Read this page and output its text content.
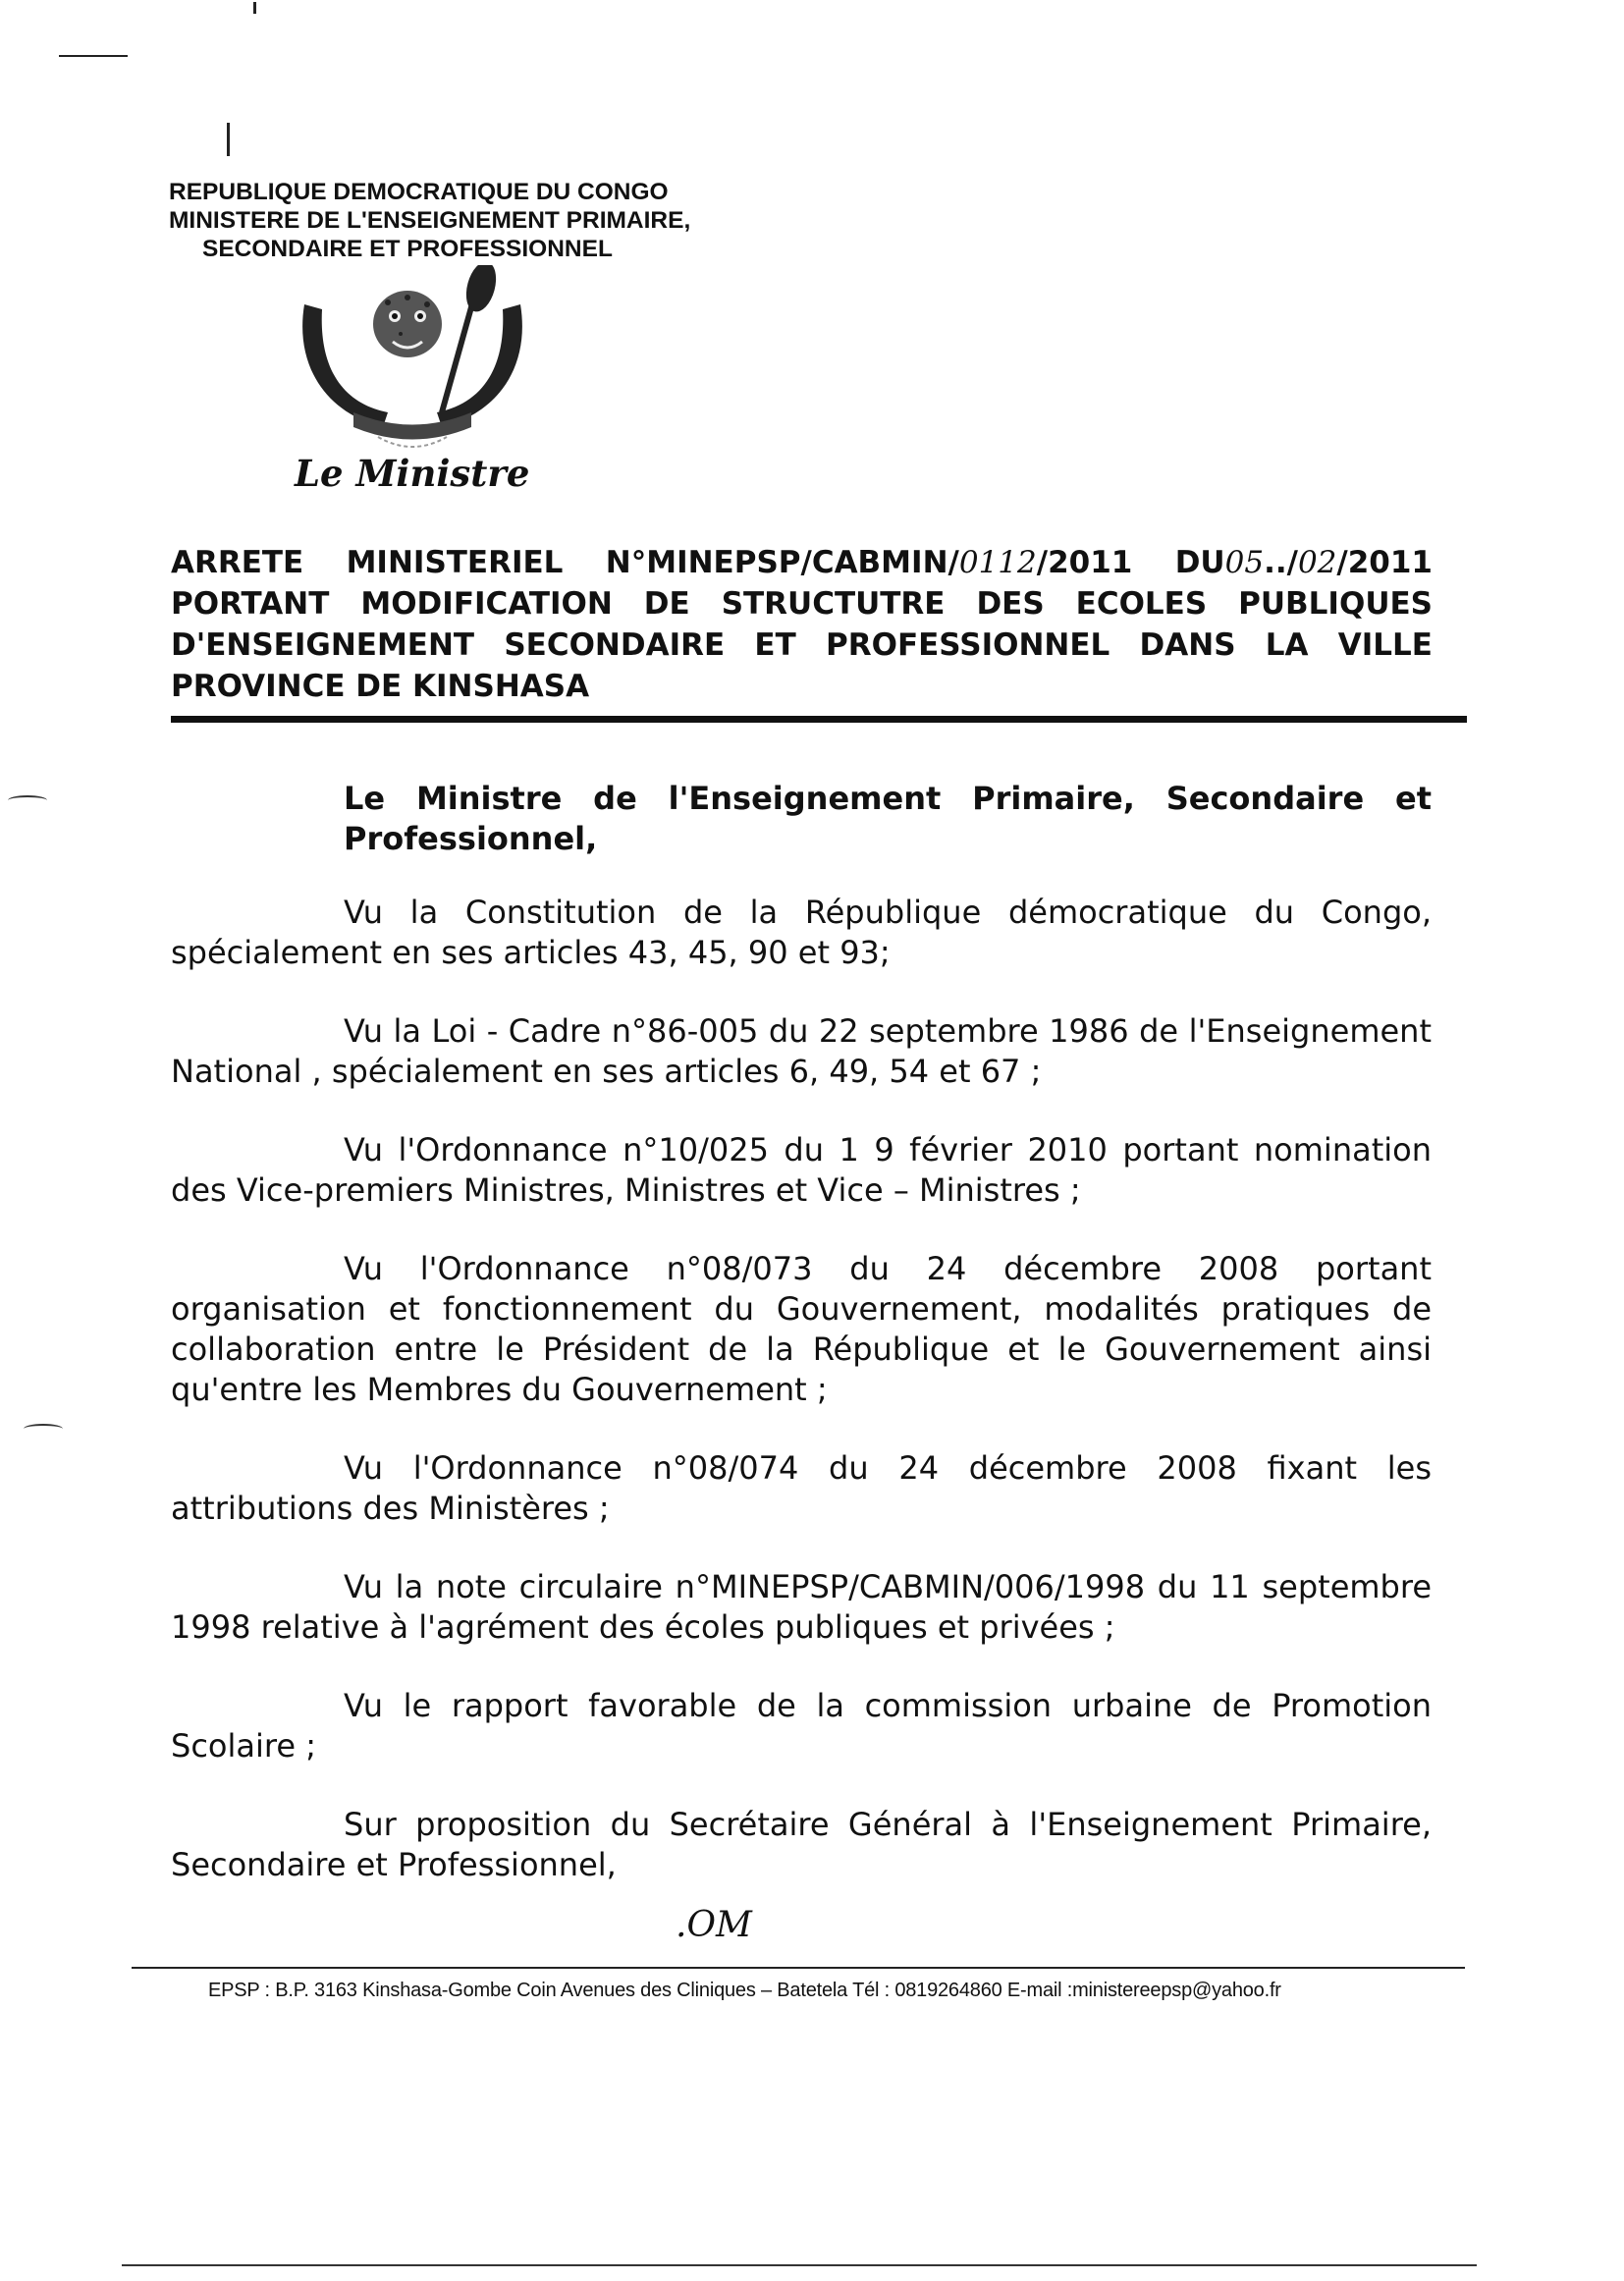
REPUBLIQUE DEMOCRATIQUE DU CONGO
MINISTERE DE L'ENSEIGNEMENT PRIMAIRE,
SECONDAIRE ET PROFESSIONNEL
Le Ministre
ARRETE MINISTERIEL N°MINEPSP/CABMIN/0112/2011 DU05../02/2011
PORTANT MODIFICATION DE STRUCTUTRE DES ECOLES PUBLIQUES
D'ENSEIGNEMENT SECONDAIRE ET PROFESSIONNEL DANS LA VILLE
PROVINCE DE KINSHASA
Le Ministre de l'Enseignement Primaire, Secondaire et Professionnel,

Vu la Constitution de la République démocratique du Congo, spécialement en ses articles 43, 45, 90 et 93;

Vu la Loi - Cadre n°86-005 du 22 septembre 1986 de l'Enseignement National , spécialement en ses articles 6, 49, 54 et 67 ;

Vu l'Ordonnance n°10/025 du 1 9 février 2010 portant nomination des Vice-premiers Ministres, Ministres et Vice – Ministres ;

Vu l'Ordonnance n°08/073 du 24 décembre 2008 portant organisation et fonctionnement du Gouvernement, modalités pratiques de collaboration entre le Président de la République et le Gouvernement ainsi qu'entre les Membres du Gouvernement ;

Vu l'Ordonnance n°08/074 du 24 décembre 2008 fixant les attributions des Ministères ;

Vu la note circulaire n°MINEPSP/CABMIN/006/1998 du 11 septembre 1998 relative à l'agrément des écoles publiques et privées ;

Vu le rapport favorable de la commission urbaine de Promotion Scolaire ;

Sur proposition du Secrétaire Général à l'Enseignement Primaire, Secondaire et Professionnel,

.OM
EPSP : B.P. 3163 Kinshasa-Gombe Coin Avenues des Cliniques – Batetela Tél : 0819264860 E-mail :ministereepsp@yahoo.fr
